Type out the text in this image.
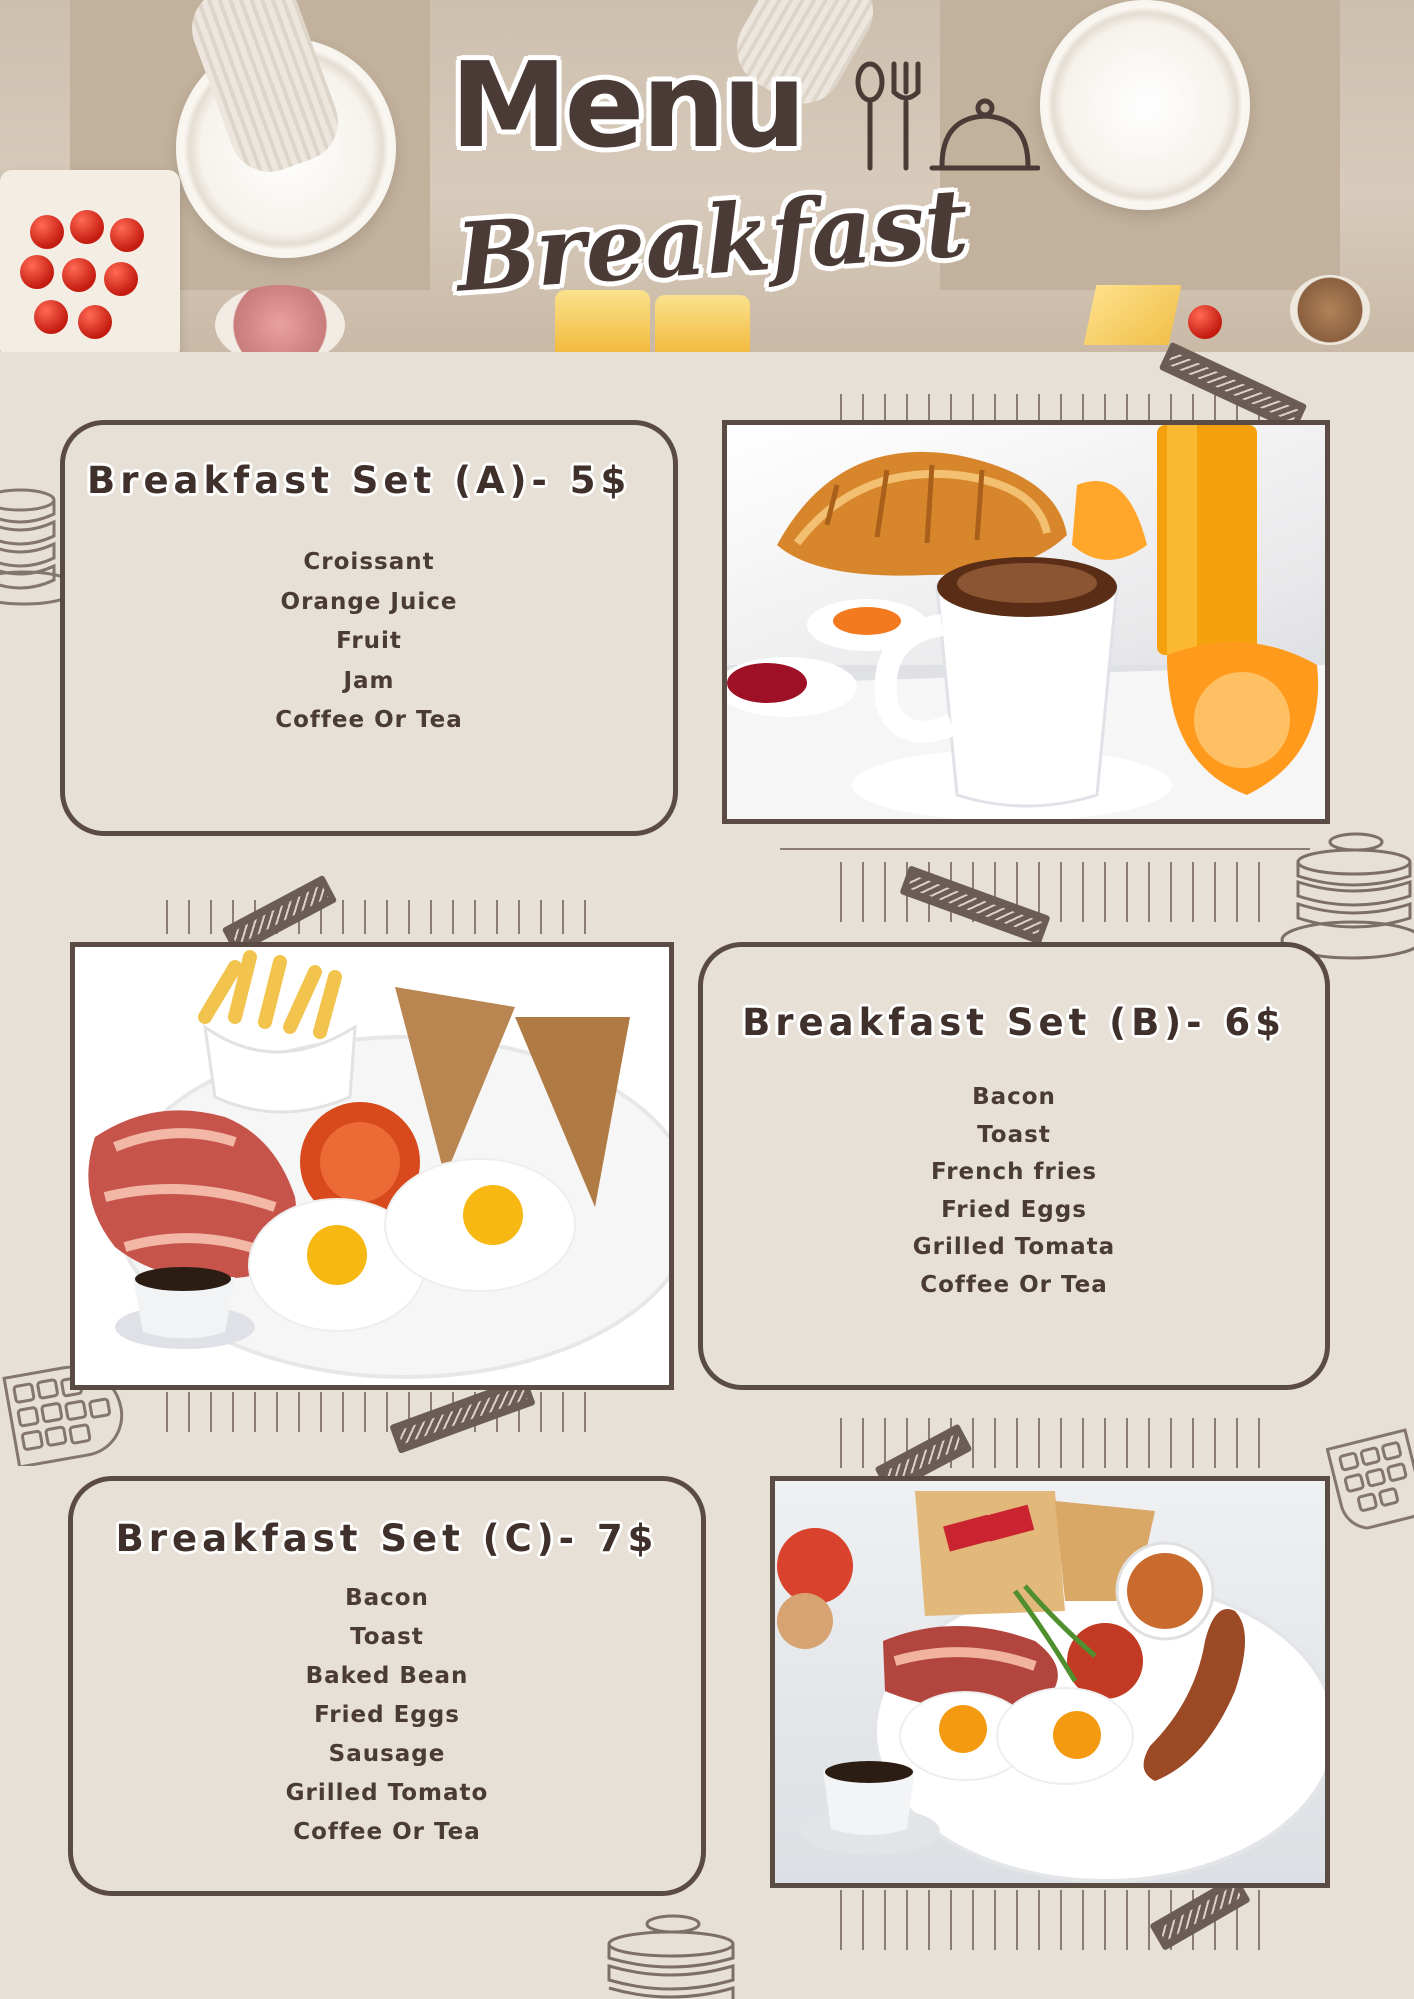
Menu
Breakfast
Breakfast Set (A)- 5$
Croissant
Orange Juice
Fruit
Jam
Coffee Or Tea
Breakfast Set (B)- 6$
Bacon
Toast
French fries
Fried Eggs
Grilled Tomata
Coffee Or Tea
Breakfast Set (C)- 7$
Bacon
Toast
Baked Bean
Fried Eggs
Sausage
Grilled Tomato
Coffee Or Tea
